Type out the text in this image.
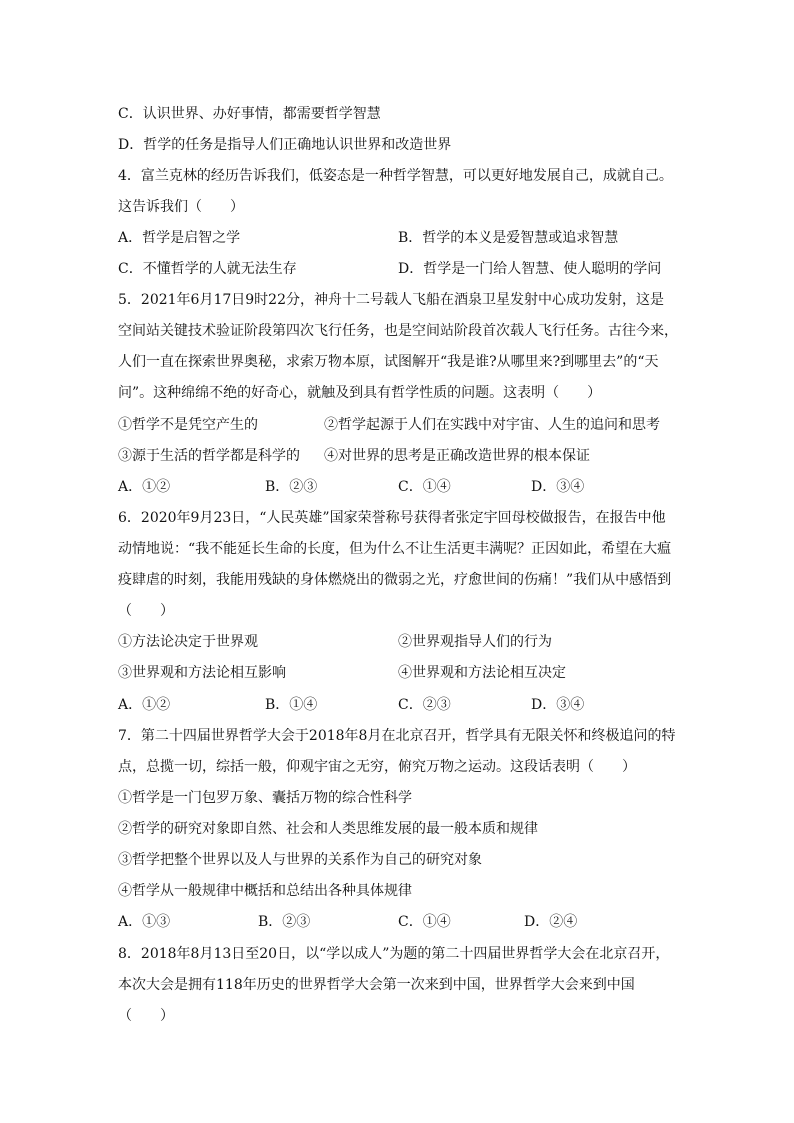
C．认识世界、办好事情，都需要哲学智慧
D．哲学的任务是指导人们正确地认识世界和改造世界
4．富兰克林的经历告诉我们，低姿态是一种哲学智慧，可以更好地发展自己，成就自己。
这告诉我们（　　）
A．哲学是启智之学	B．哲学的本义是爱智慧或追求智慧
C．不懂哲学的人就无法生存	D．哲学是一门给人智慧、使人聪明的学问
5．2021年6月17日9时22分，神舟十二号载人飞船在酒泉卫星发射中心成功发射，这是
空间站关键技术验证阶段第四次飞行任务，也是空间站阶段首次载人飞行任务。古往今来，
人们一直在探索世界奥秘，求索万物本原，试图解开“我是谁?从哪里来?到哪里去”的“天
问”。这种绵绵不绝的好奇心，就触及到具有哲学性质的问题。这表明（　　）
①哲学不是凭空产生的	②哲学起源于人们在实践中对宇宙、人生的追问和思考
③源于生活的哲学都是科学的 ④对世界的思考是正确改造世界的根本保证
A．①②	B．②③	C．①④	D．③④
6．2020年9月23日，“人民英雄”国家荣誉称号获得者张定宇回母校做报告，在报告中他
动情地说：“我不能延长生命的长度，但为什么不让生活更丰满呢？正因如此，希望在大瘟
疫肆虐的时刻，我能用残缺的身体燃烧出的微弱之光，疗愈世间的伤痛！”我们从中感悟到
（　　）
①方法论决定于世界观	②世界观指导人们的行为
③世界观和方法论相互影响	④世界观和方法论相互决定
A．①②	B．①④	C．②③	D．③④
7．第二十四届世界哲学大会于2018年8月在北京召开，哲学具有无限关怀和终极追问的特
点，总揽一切，综括一般，仰观宇宙之无穷，俯究万物之运动。这段话表明（　　）
①哲学是一门包罗万象、囊括万物的综合性科学
②哲学的研究对象即自然、社会和人类思维发展的最一般本质和规律
③哲学把整个世界以及人与世界的关系作为自己的研究对象
④哲学从一般规律中概括和总结出各种具体规律
A．①③	B．②③	C．①④	D．②④
8．2018年8月13日至20日，以“学以成人”为题的第二十四届世界哲学大会在北京召开，
本次大会是拥有118年历史的世界哲学大会第一次来到中国，世界哲学大会来到中国
（　　）
